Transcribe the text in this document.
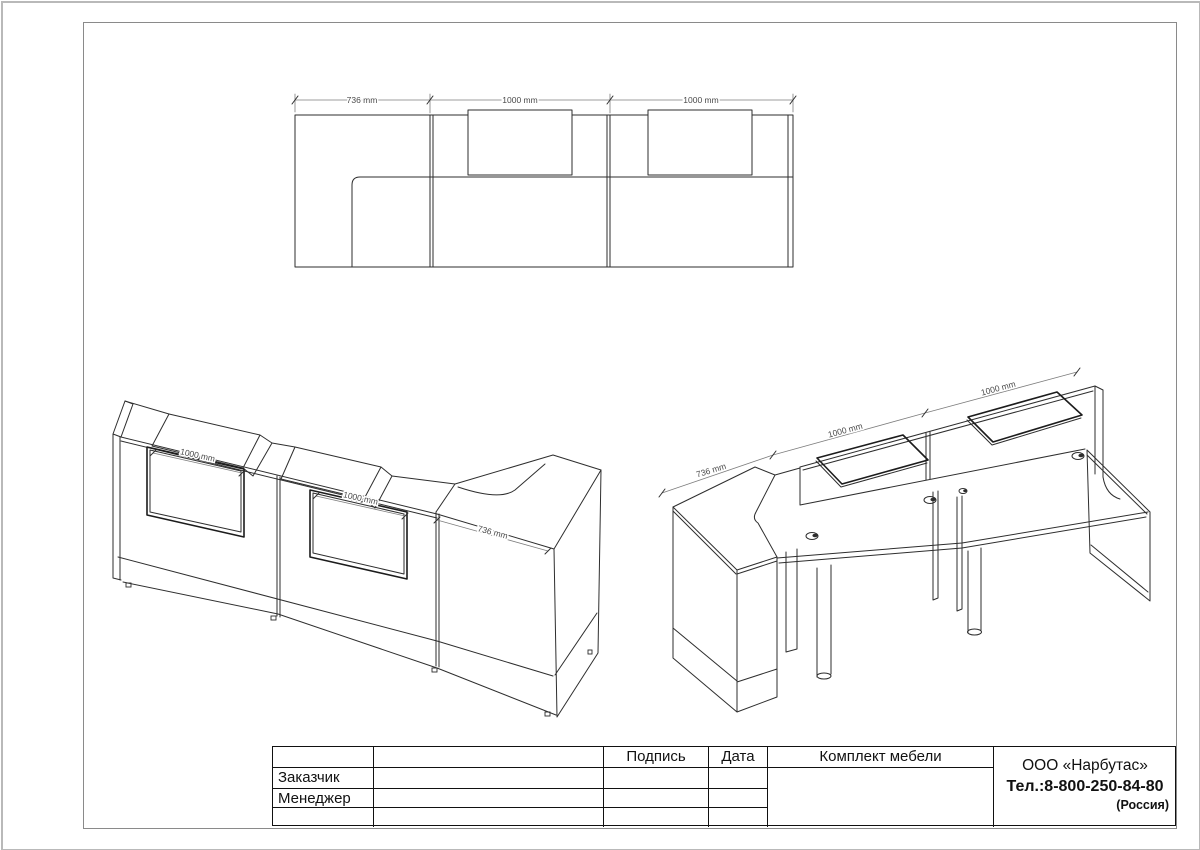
736 mm	1000 mm	1000 mm
1000 mm
1000 mm
736 mm
736 mm
1000 mm
1000 mm
Подпись	Дата	Комплект мебели
Заказчик
Менеджер
ООО «Нарбутас»
Тел.:8-800-250-84-80
(Россия)
